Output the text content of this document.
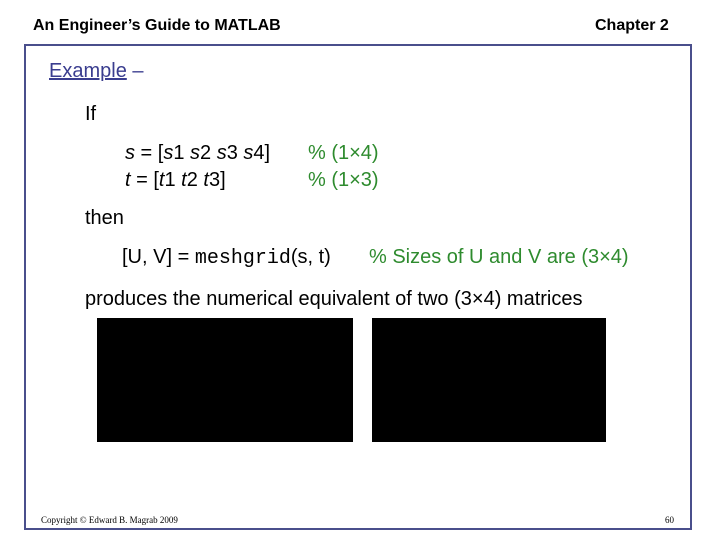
An Engineer’s Guide to MATLAB	Chapter 2
Example –
If
s = [s1 s2 s3 s4] % (1×4)
t = [t1 t2 t3]	% (1×3)
then
[U, V] = meshgrid(s, t) % Sizes of U and V are (3×4)
produces the numerical equivalent of two (3×4) matrices
Copyright © Edward B. Magrab 2009	60
